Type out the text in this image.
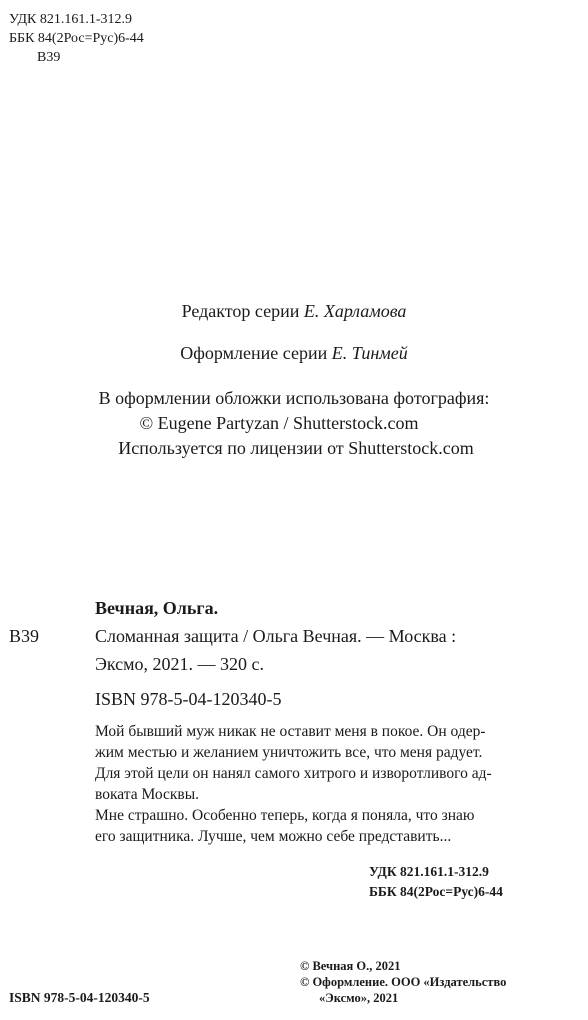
УДК 821.161.1-312.9
ББК 84(2Рос=Рус)6-44
В39
Редактор серии Е. Харламова
Оформление серии Е. Тинмей
В оформлении обложки использована фотография:
© Eugene Partyzan / Shutterstock.com
Используется по лицензии от Shutterstock.com
Вечная, Ольга.
В39	Сломанная защита / Ольга Вечная. — Москва :
Эксмо, 2021. — 320 с.
ISBN 978-5-04-120340-5
Мой бывший муж никак не оставит меня в покое. Он одер-
жим местью и желанием уничтожить все, что меня радует.
Для этой цели он нанял самого хитрого и изворотливого ад-
воката Москвы.
Мне страшно. Особенно теперь, когда я поняла, что знаю
его защитника. Лучше, чем можно себе представить...
УДК 821.161.1-312.9
ББК 84(2Рос=Рус)6-44
© Вечная О., 2021
© Оформление. ООО «Издательство
«Эксмо», 2021
ISBN 978-5-04-120340-5
